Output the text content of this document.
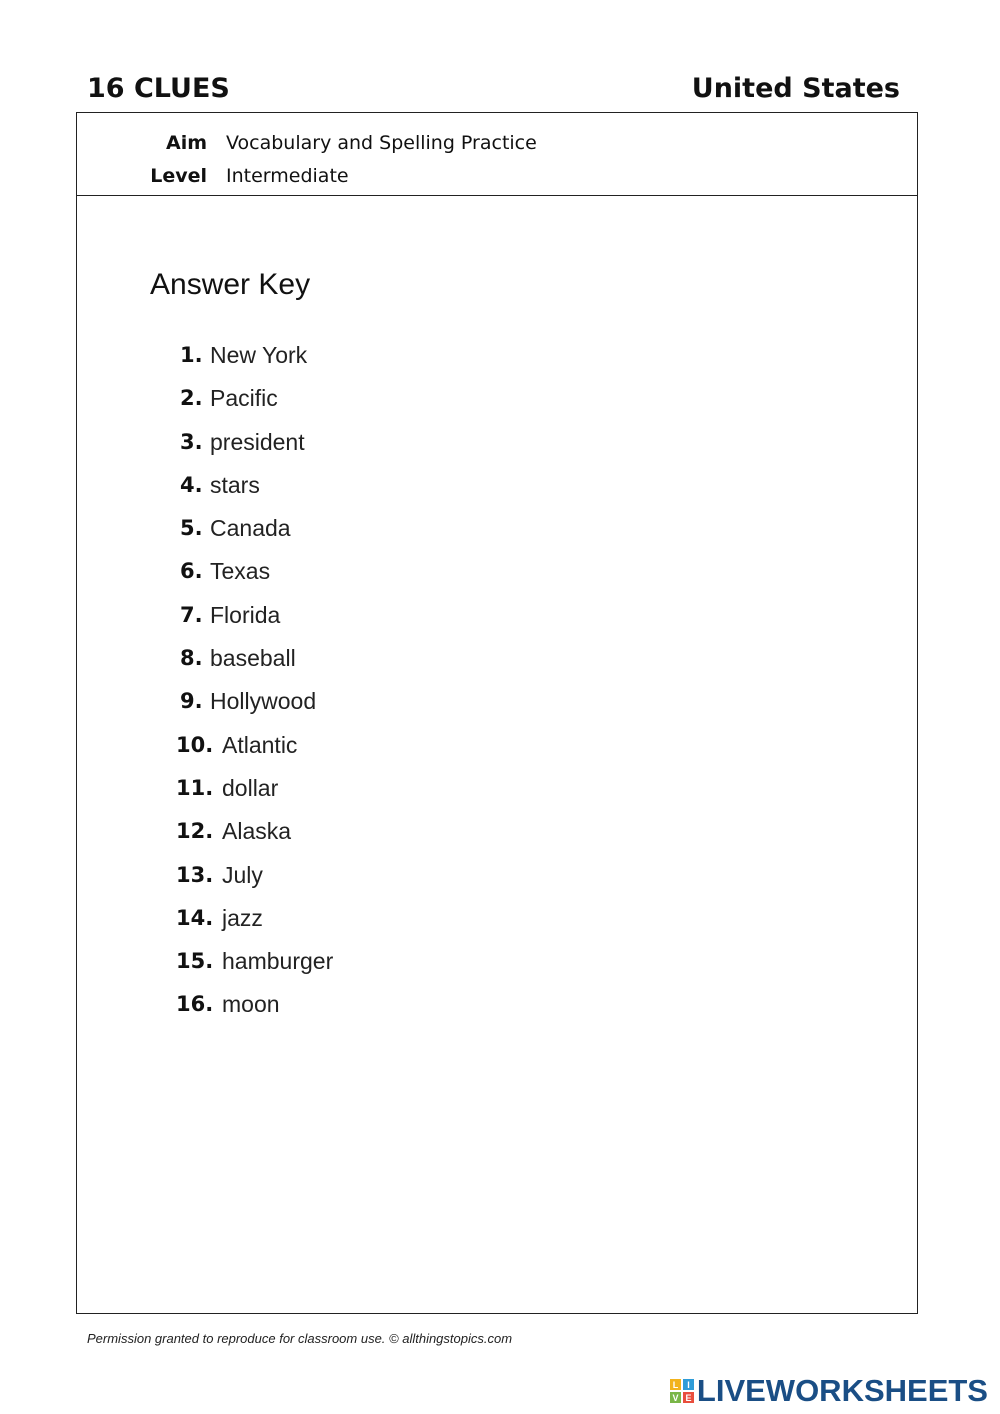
16 CLUES	United States
Aim Vocabulary and Spelling Practice
Level Intermediate
Answer Key
1. New York
2. Pacific
3. president
4. stars
5. Canada
6. Texas
7. Florida
8. baseball
9. Hollywood
10. Atlantic
11. dollar
12. Alaska
13. July
14. jazz
15. hamburger
16. moon
Permission granted to reproduce for classroom use. © allthingstopics.com
L I
V E LIVEWORKSHEETS
